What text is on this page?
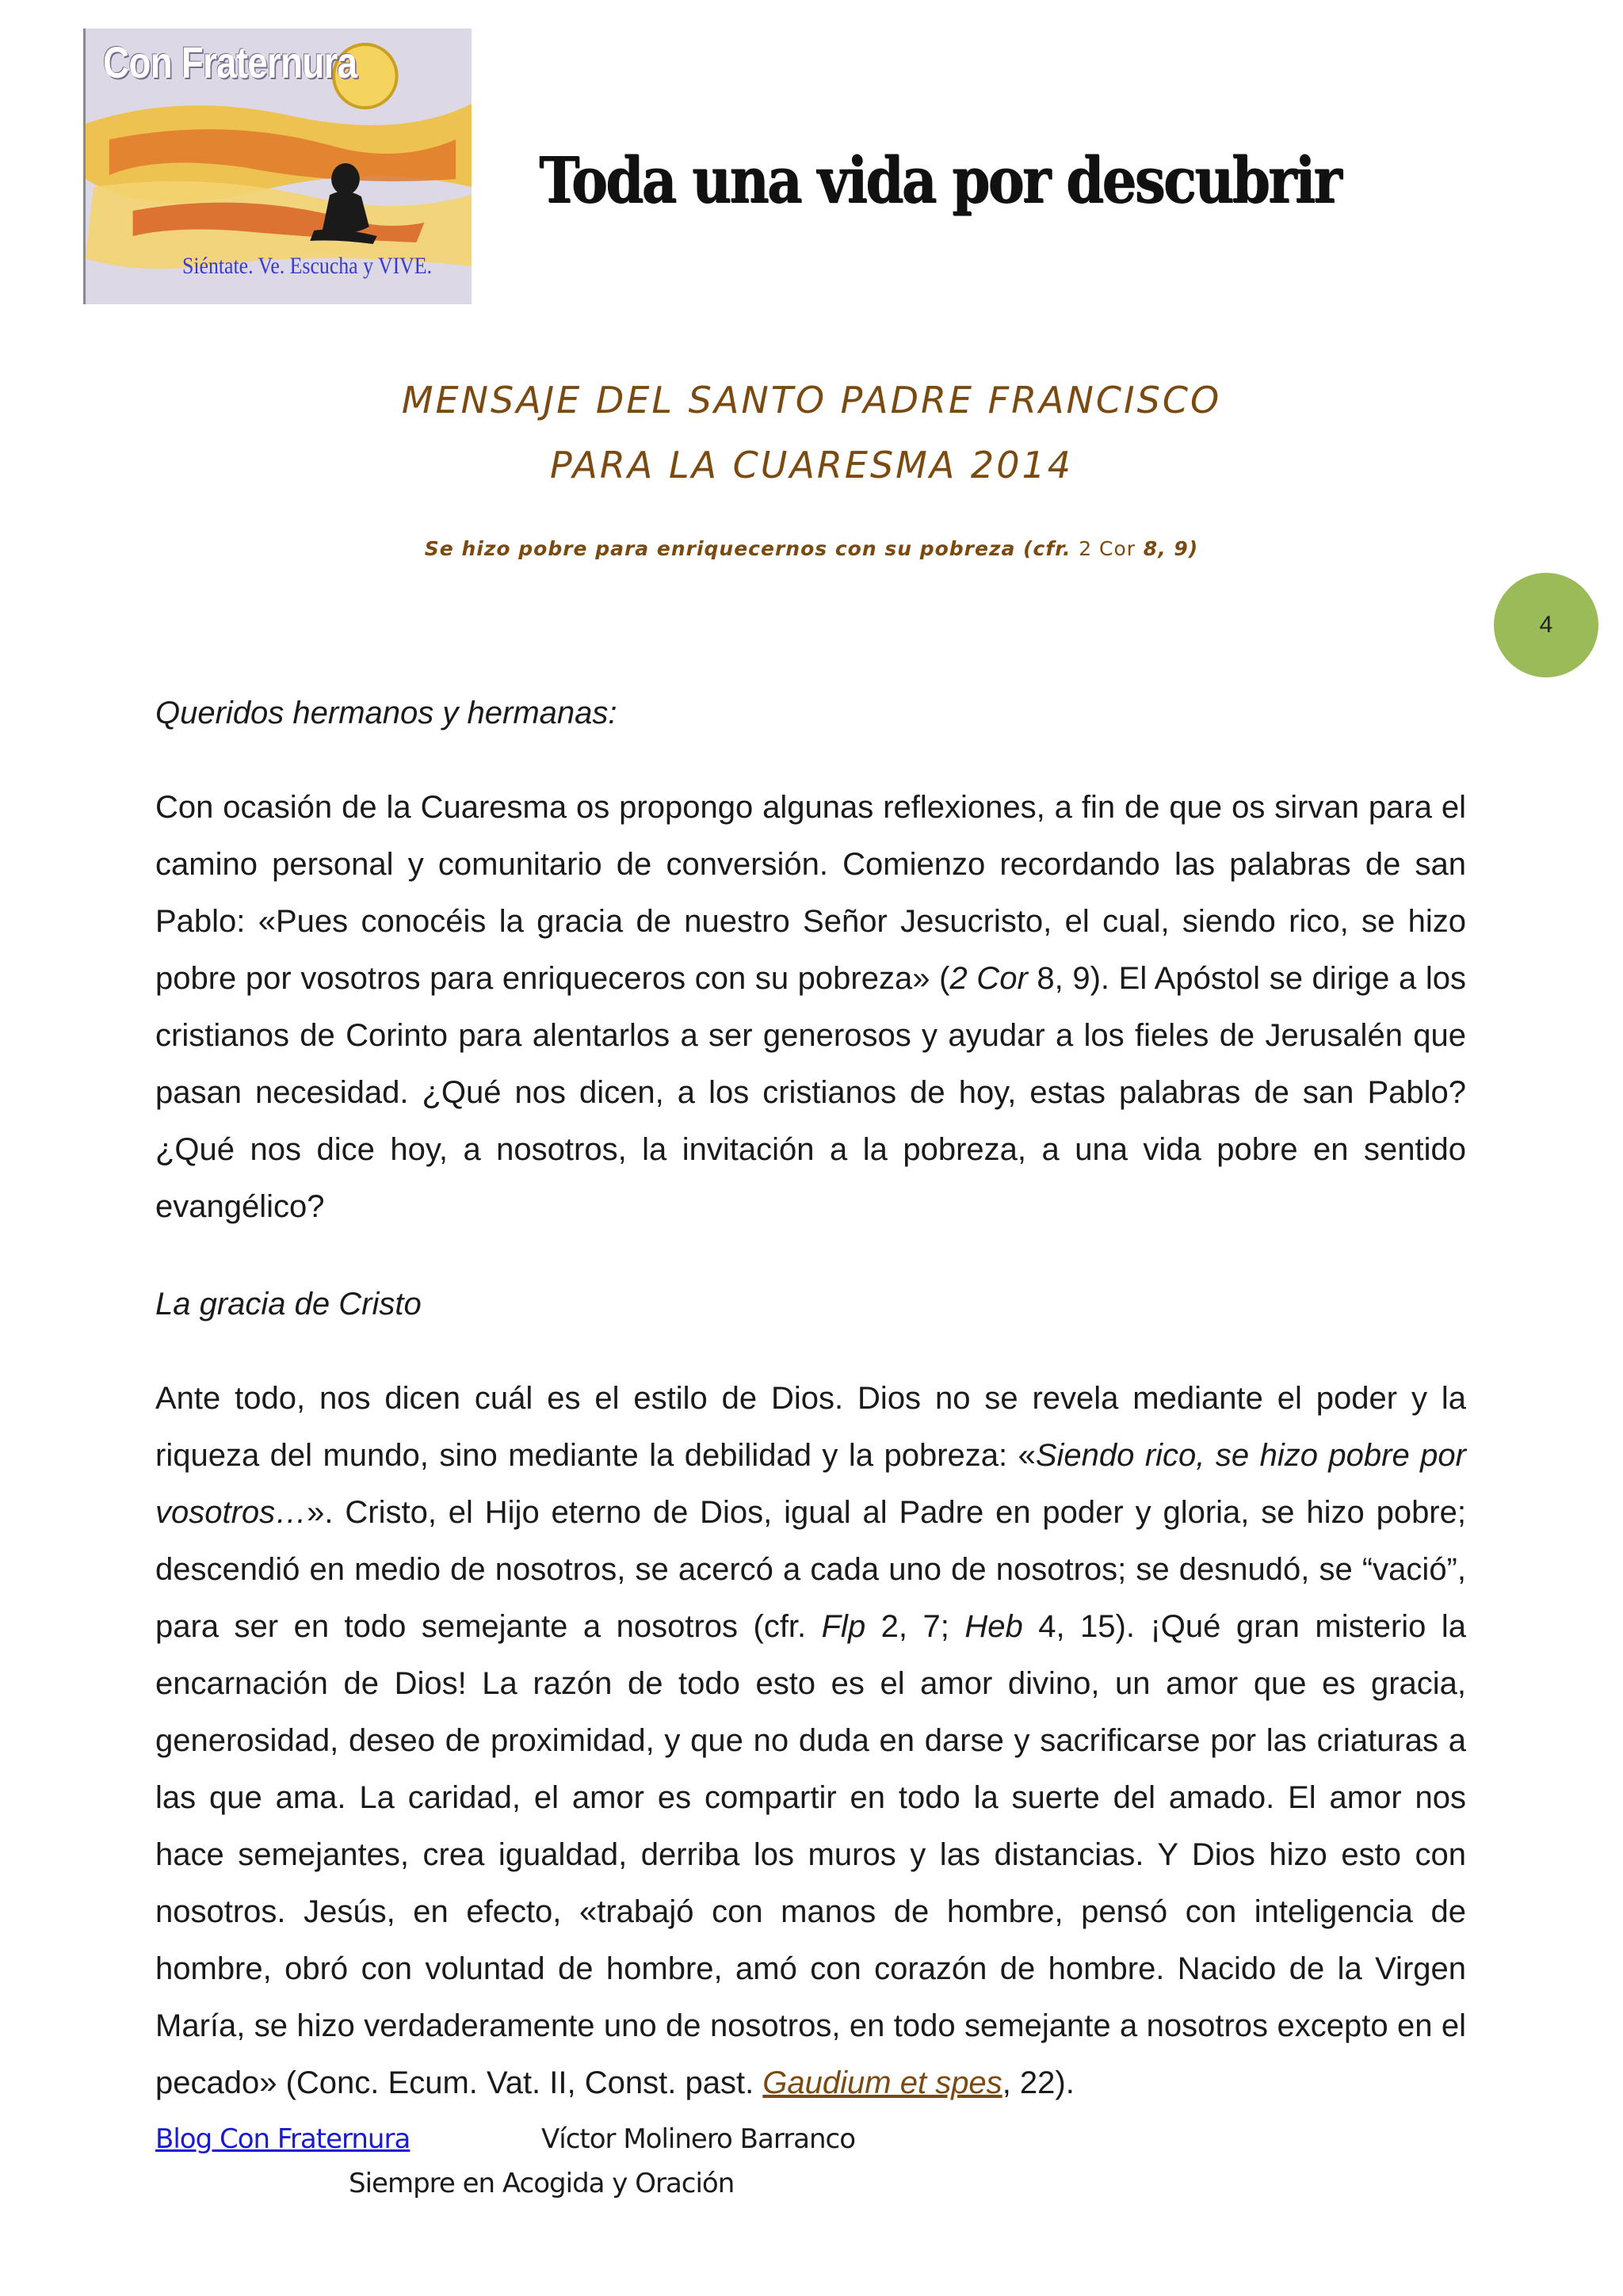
Con Fraternura
Siéntate. Ve. Escucha y VIVE.
Toda una vida por descubrir
MENSAJE DEL SANTO PADRE FRANCISCO
PARA LA CUARESMA 2014
Se hizo pobre para enriquecernos con su pobreza (cfr. 2 Cor 8, 9)
4
Queridos hermanos y hermanas:
Con ocasión de la Cuaresma os propongo algunas reflexiones, a fin de que os sirvan para el camino personal y comunitario de conversión. Comienzo recordando las palabras de san Pablo: «Pues conocéis la gracia de nuestro Señor Jesucristo, el cual, siendo rico, se hizo pobre por vosotros para enriqueceros con su pobreza» (2 Cor 8, 9). El Apóstol se dirige a los cristianos de Corinto para alentarlos a ser generosos y ayudar a los fieles de Jerusalén que pasan necesidad. ¿Qué nos dicen, a los cristianos de hoy, estas palabras de san Pablo? ¿Qué nos dice hoy, a nosotros, la invitación a la pobreza, a una vida pobre en sentido evangélico?
La gracia de Cristo
Ante todo, nos dicen cuál es el estilo de Dios. Dios no se revela mediante el poder y la riqueza del mundo, sino mediante la debilidad y la pobreza: «Siendo rico, se hizo pobre por vosotros…». Cristo, el Hijo eterno de Dios, igual al Padre en poder y gloria, se hizo pobre; descendió en medio de nosotros, se acercó a cada uno de nosotros; se desnudó, se “vació”, para ser en todo semejante a nosotros (cfr. Flp 2, 7; Heb 4, 15). ¡Qué gran misterio la encarnación de Dios! La razón de todo esto es el amor divino, un amor que es gracia, generosidad, deseo de proximidad, y que no duda en darse y sacrificarse por las criaturas a las que ama. La caridad, el amor es compartir en todo la suerte del amado. El amor nos hace semejantes, crea igualdad, derriba los muros y las distancias. Y Dios hizo esto con nosotros. Jesús, en efecto, «trabajó con manos de hombre, pensó con inteligencia de hombre, obró con voluntad de hombre, amó con corazón de hombre. Nacido de la Virgen María, se hizo verdaderamente uno de nosotros, en todo semejante a nosotros excepto en el pecado» (Conc. Ecum. Vat. II, Const. past. Gaudium et spes, 22).
Blog Con Fraternura	Víctor Molinero Barranco
Siempre en Acogida y Oración
